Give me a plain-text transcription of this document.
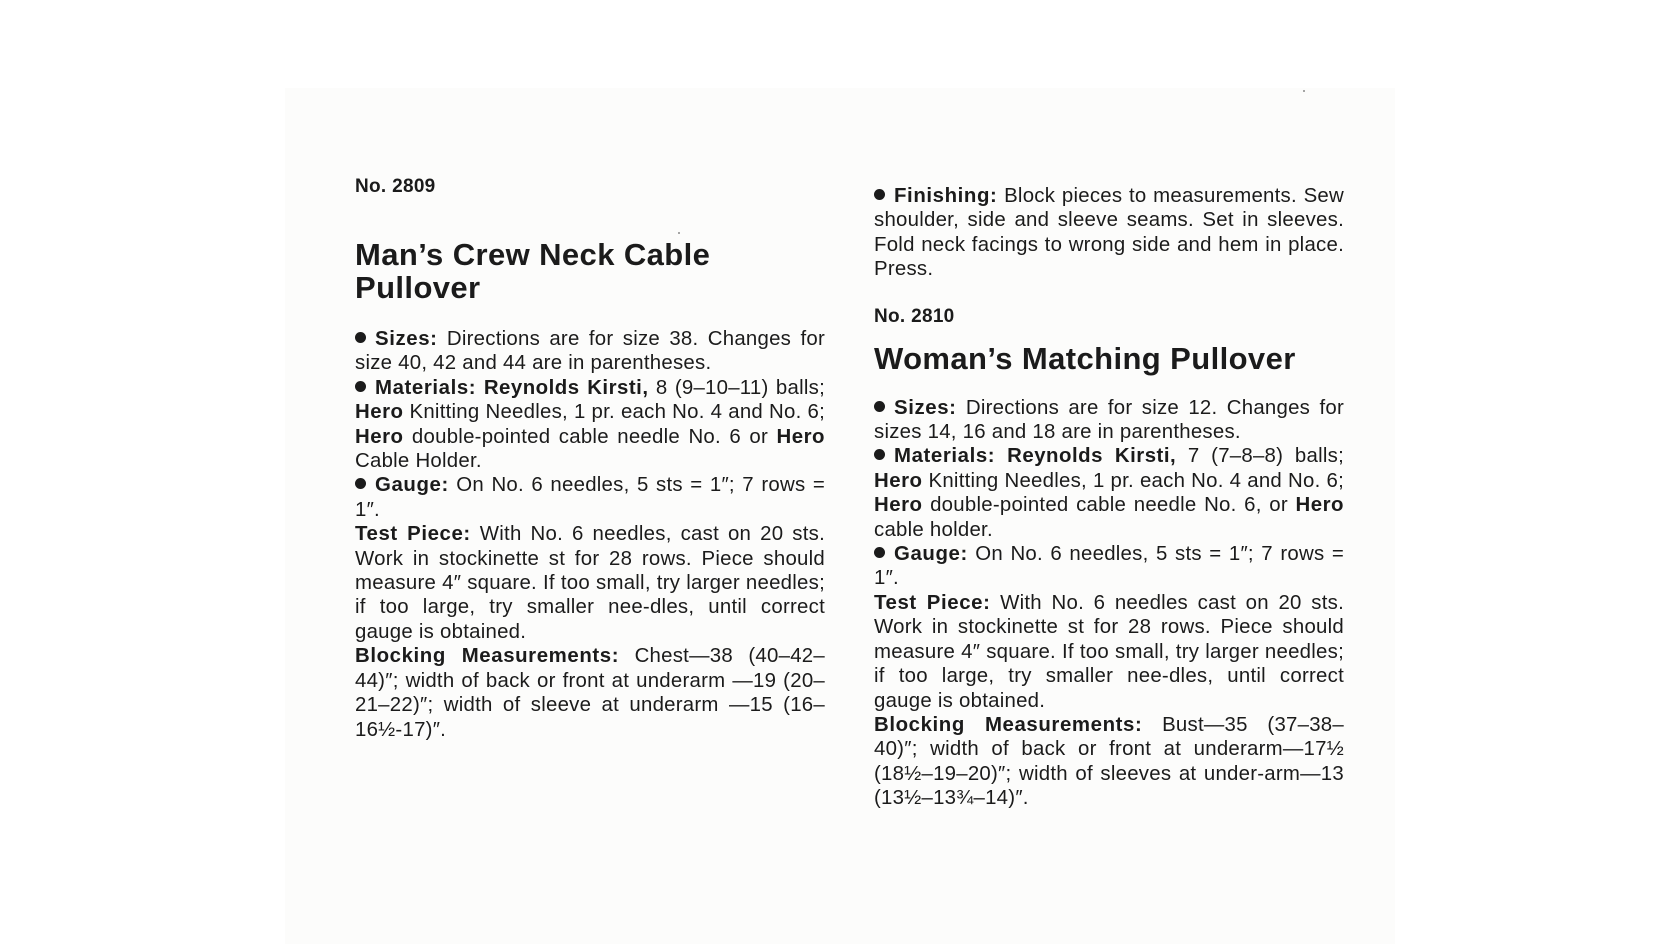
No. 2809

Man’s Crew Neck Cable
Pullover

Sizes: Directions are for size 38. Changes for size 40, 42 and 44 are in parentheses.

Materials: Reynolds Kirsti, 8 (9–10–11) balls; Hero Knitting Needles, 1 pr. each No. 4 and No. 6; Hero double-pointed cable needle No. 6 or Hero Cable Holder.

Gauge: On No. 6 needles, 5 sts = 1″; 7 rows = 1″.

Test Piece: With No. 6 needles, cast on 20 sts. Work in stockinette st for 28 rows. Piece should measure 4″ square. If too small, try larger needles; if too large, try smaller nee-dles, until correct gauge is obtained.

Blocking Measurements: Chest—38 (40–42–44)″; width of back or front at underarm —19 (20–21–22)″; width of sleeve at underarm —15 (16–16½-17)″.

Finishing: Block pieces to measurements. Sew shoulder, side and sleeve seams. Set in sleeves. Fold neck facings to wrong side and hem in place. Press.

No. 2810

Woman’s Matching Pullover

Sizes: Directions are for size 12. Changes for sizes 14, 16 and 18 are in parentheses.

Materials: Reynolds Kirsti, 7 (7–8–8) balls; Hero Knitting Needles, 1 pr. each No. 4 and No. 6; Hero double-pointed cable needle No. 6, or Hero cable holder.

Gauge: On No. 6 needles, 5 sts = 1″; 7 rows = 1″.

Test Piece: With No. 6 needles cast on 20 sts. Work in stockinette st for 28 rows. Piece should measure 4″ square. If too small, try larger needles; if too large, try smaller nee-dles, until correct gauge is obtained.

Blocking Measurements: Bust—35 (37–38–40)″; width of back or front at underarm—17½ (18½–19–20)″; width of sleeves at under-arm—13 (13½–13¾–14)″.
